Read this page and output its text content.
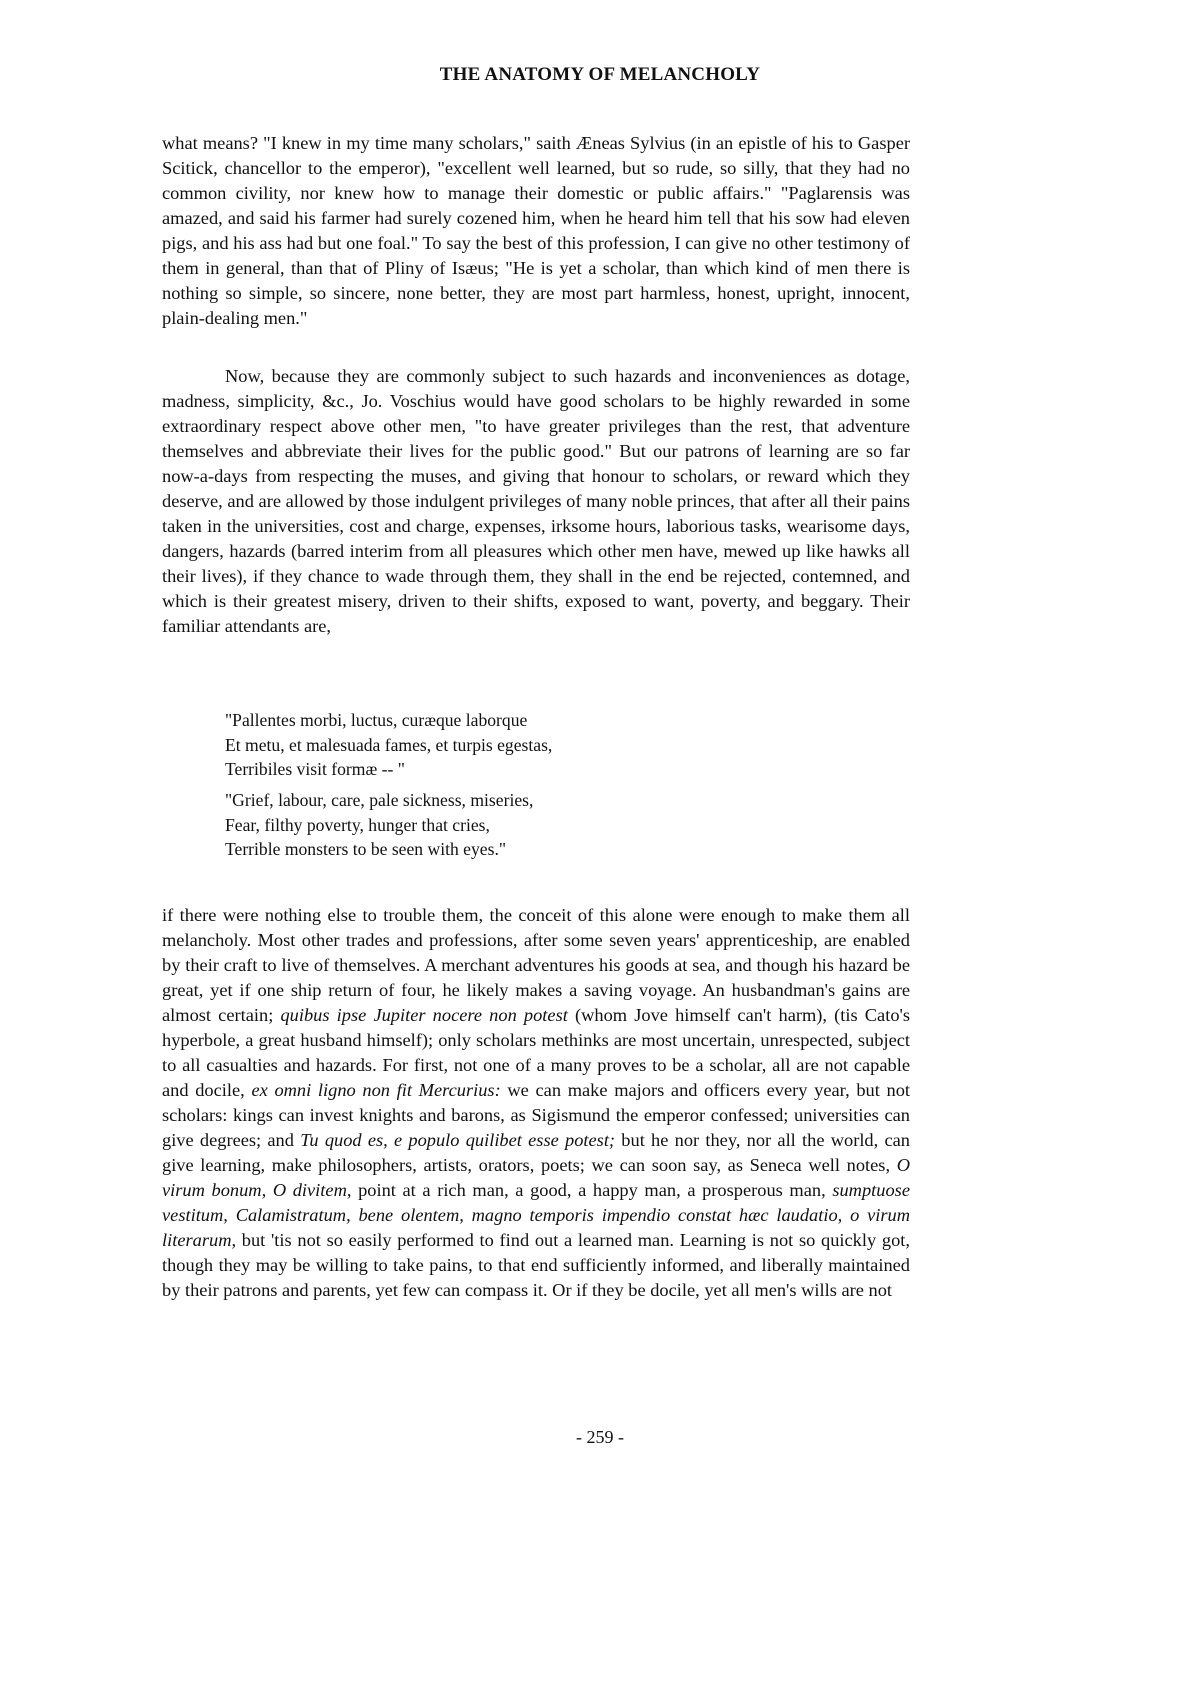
THE ANATOMY OF MELANCHOLY

what means? "I knew in my time many scholars," saith Æneas Sylvius (in an epistle of his to Gasper Scitick, chancellor to the emperor), "excellent well learned, but so rude, so silly, that they had no common civility, nor knew how to manage their domestic or public affairs." "Paglarensis was amazed, and said his farmer had surely cozened him, when he heard him tell that his sow had eleven pigs, and his ass had but one foal." To say the best of this profession, I can give no other testimony of them in general, than that of Pliny of Isæus; "He is yet a scholar, than which kind of men there is nothing so simple, so sincere, none better, they are most part harmless, honest, upright, innocent, plain-dealing men."

Now, because they are commonly subject to such hazards and inconveniences as dotage, madness, simplicity, &c., Jo. Voschius would have good scholars to be highly rewarded in some extraordinary respect above other men, "to have greater privileges than the rest, that adventure themselves and abbreviate their lives for the public good." But our patrons of learning are so far now-a-days from respecting the muses, and giving that honour to scholars, or reward which they deserve, and are allowed by those indulgent privileges of many noble princes, that after all their pains taken in the universities, cost and charge, expenses, irksome hours, laborious tasks, wearisome days, dangers, hazards (barred interim from all pleasures which other men have, mewed up like hawks all their lives), if they chance to wade through them, they shall in the end be rejected, contemned, and which is their greatest misery, driven to their shifts, exposed to want, poverty, and beggary. Their familiar attendants are,

"Pallentes morbi, luctus, curæque laborque
Et metu, et malesuada fames, et turpis egestas,
Terribiles visit formæ -- "
"Grief, labour, care, pale sickness, miseries,
Fear, filthy poverty, hunger that cries,
Terrible monsters to be seen with eyes."

if there were nothing else to trouble them, the conceit of this alone were enough to make them all melancholy. Most other trades and professions, after some seven years' apprenticeship, are enabled by their craft to live of themselves. A merchant adventures his goods at sea, and though his hazard be great, yet if one ship return of four, he likely makes a saving voyage. An husbandman's gains are almost certain; quibus ipse Jupiter nocere non potest (whom Jove himself can't harm), (tis Cato's hyperbole, a great husband himself); only scholars methinks are most uncertain, unrespected, subject to all casualties and hazards. For first, not one of a many proves to be a scholar, all are not capable and docile, ex omni ligno non fit Mercurius: we can make majors and officers every year, but not scholars: kings can invest knights and barons, as Sigismund the emperor confessed; universities can give degrees; and Tu quod es, e populo quilibet esse potest; but he nor they, nor all the world, can give learning, make philosophers, artists, orators, poets; we can soon say, as Seneca well notes, O virum bonum, O divitem, point at a rich man, a good, a happy man, a prosperous man, sumptuose vestitum, Calamistratum, bene olentem, magno temporis impendio constat hæc laudatio, o virum literarum, but 'tis not so easily performed to find out a learned man. Learning is not so quickly got, though they may be willing to take pains, to that end sufficiently informed, and liberally maintained by their patrons and parents, yet few can compass it. Or if they be docile, yet all men's wills are not

- 259 -
